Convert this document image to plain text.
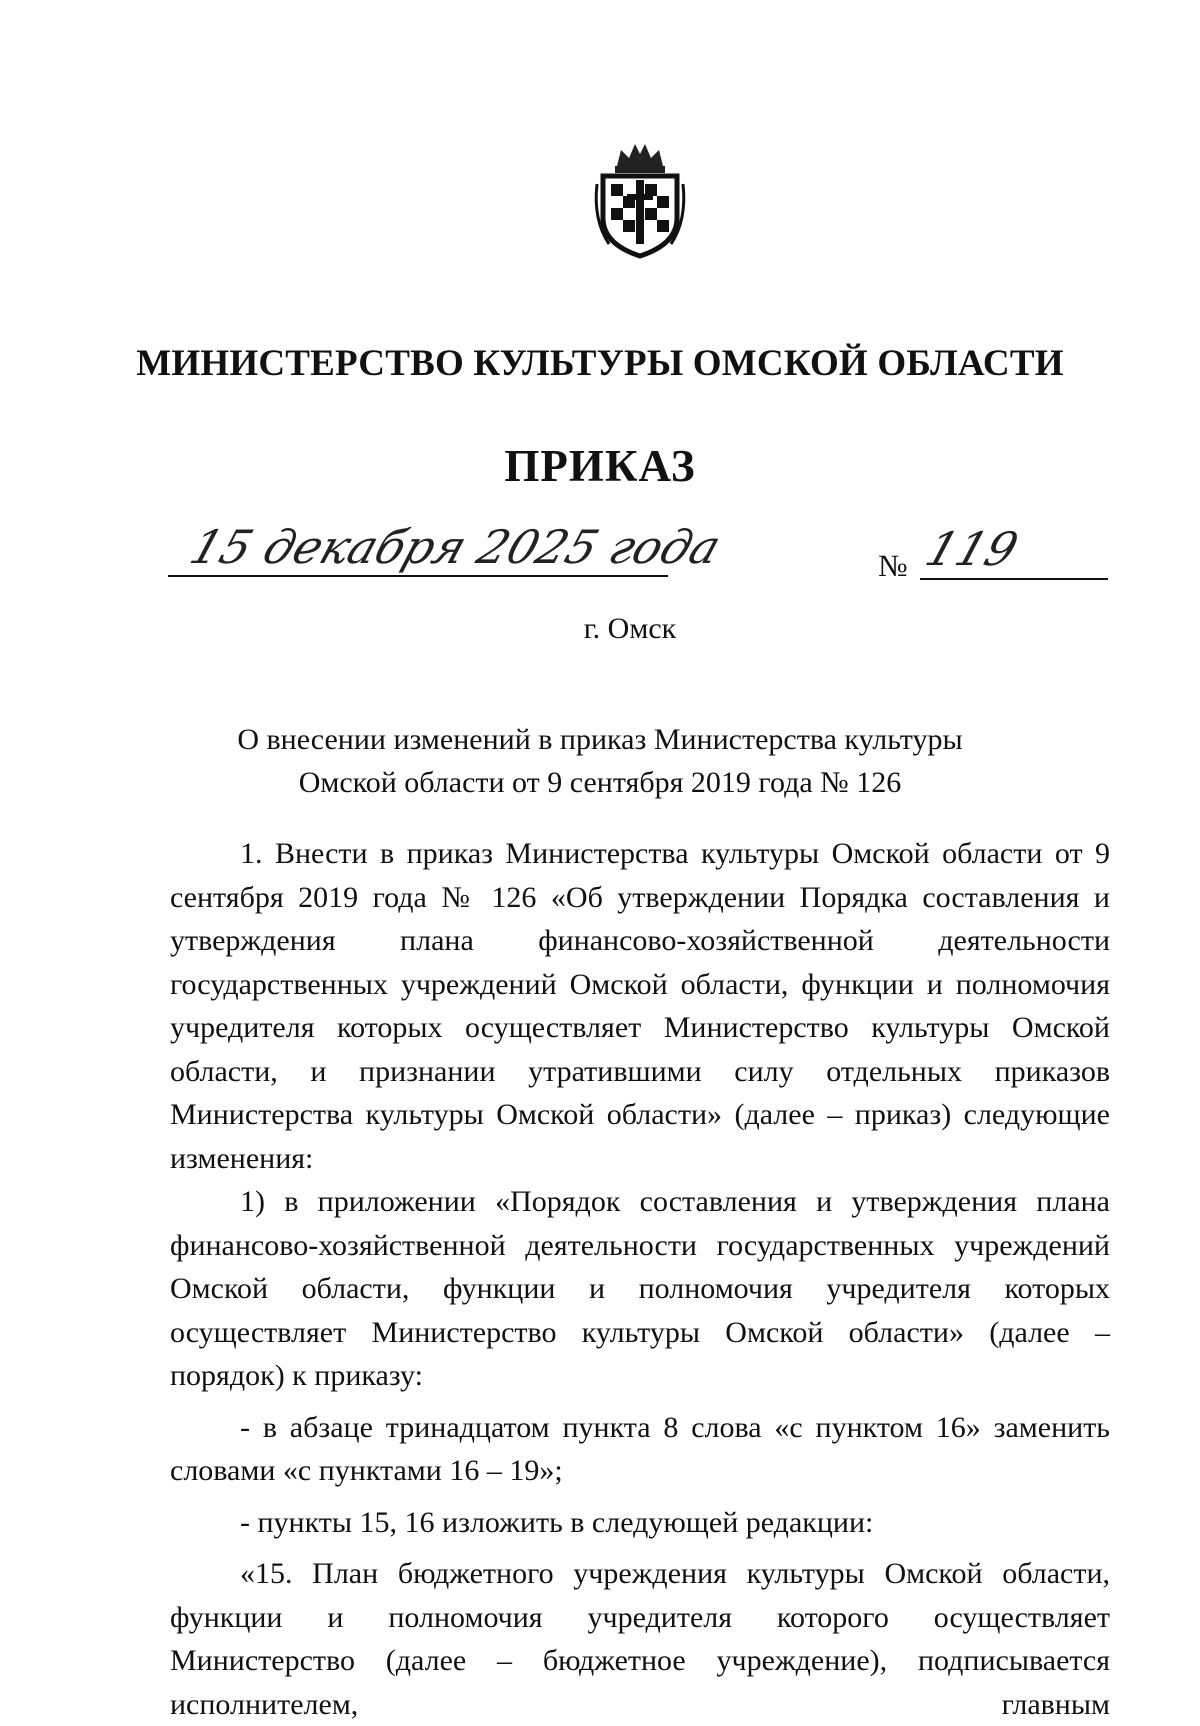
МИНИСТЕРСТВО КУЛЬТУРЫ ОМСКОЙ ОБЛАСТИ
ПРИКАЗ
15 декабря 2025 года	№ 119
г. Омск
О внесении изменений в приказ Министерства культуры
Омской области от 9 сентября 2019 года № 126

1. Внести в приказ Министерства культуры Омской области от 9 сентября 2019 года № 126 «Об утверждении Порядка составления и утверждения плана финансово-хозяйственной деятельности государственных учреждений Омской области, функции и полномочия учредителя которых осуществляет Министерство культуры Омской области, и признании утратившими силу отдельных приказов Министерства культуры Омской области» (далее – приказ) следующие изменения:

1) в приложении «Порядок составления и утверждения плана финансово-хозяйственной деятельности государственных учреждений Омской области, функции и полномочия учредителя которых осуществляет Министерство культуры Омской области» (далее – порядок) к приказу:

- в абзаце тринадцатом пункта 8 слова «с пунктом 16» заменить словами «с пунктами 16 – 19»;

- пункты 15, 16 изложить в следующей редакции:

«15. План бюджетного учреждения культуры Омской области, функции и полномочия учредителя которого осуществляет Министерство (далее – бюджетное учреждение), подписывается исполнителем, главным
